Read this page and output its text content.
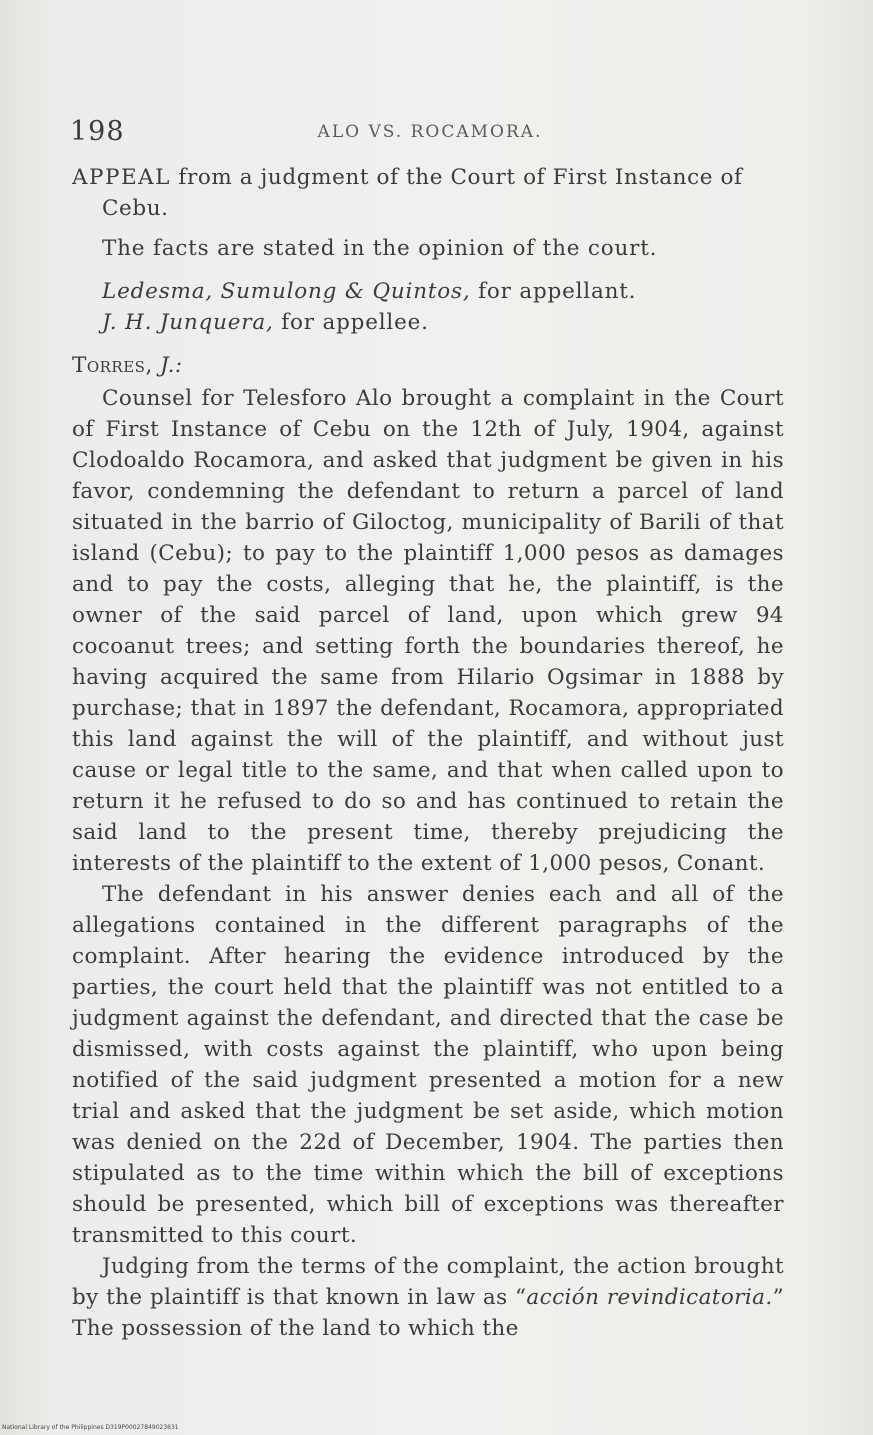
198	ALO VS. ROCAMORA.

APPEAL from a judgment of the Court of First Instance of Cebu.

The facts are stated in the opinion of the court.

Ledesma, Sumulong & Quintos, for appellant.

J. H. Junquera, for appellee.

Torres, J.:

Counsel for Telesforo Alo brought a complaint in the Court of First Instance of Cebu on the 12th of July, 1904, against Clodoaldo Rocamora, and asked that judgment be given in his favor, condemning the defendant to return a parcel of land situated in the barrio of Giloctog, municipality of Barili of that island (Cebu); to pay to the plaintiff 1,000 pesos as damages and to pay the costs, alleging that he, the plaintiff, is the owner of the said parcel of land, upon which grew 94 cocoanut trees; and setting forth the boundaries thereof, he having acquired the same from Hilario Ogsimar in 1888 by purchase; that in 1897 the defendant, Rocamora, appropriated this land against the will of the plaintiff, and without just cause or legal title to the same, and that when called upon to return it he refused to do so and has continued to retain the said land to the present time, thereby prejudicing the interests of the plaintiff to the extent of 1,000 pesos, Conant.

The defendant in his answer denies each and all of the allegations contained in the different paragraphs of the complaint. After hearing the evidence introduced by the parties, the court held that the plaintiff was not entitled to a judgment against the defendant, and directed that the case be dismissed, with costs against the plaintiff, who upon being notified of the said judgment presented a motion for a new trial and asked that the judgment be set aside, which motion was denied on the 22d of December, 1904. The parties then stipulated as to the time within which the bill of exceptions should be presented, which bill of exceptions was thereafter transmitted to this court.

Judging from the terms of the complaint, the action brought by the plaintiff is that known in law as “acción revindicatoria.” The possession of the land to which the

National Library of the Philippines D319P00027849023631
